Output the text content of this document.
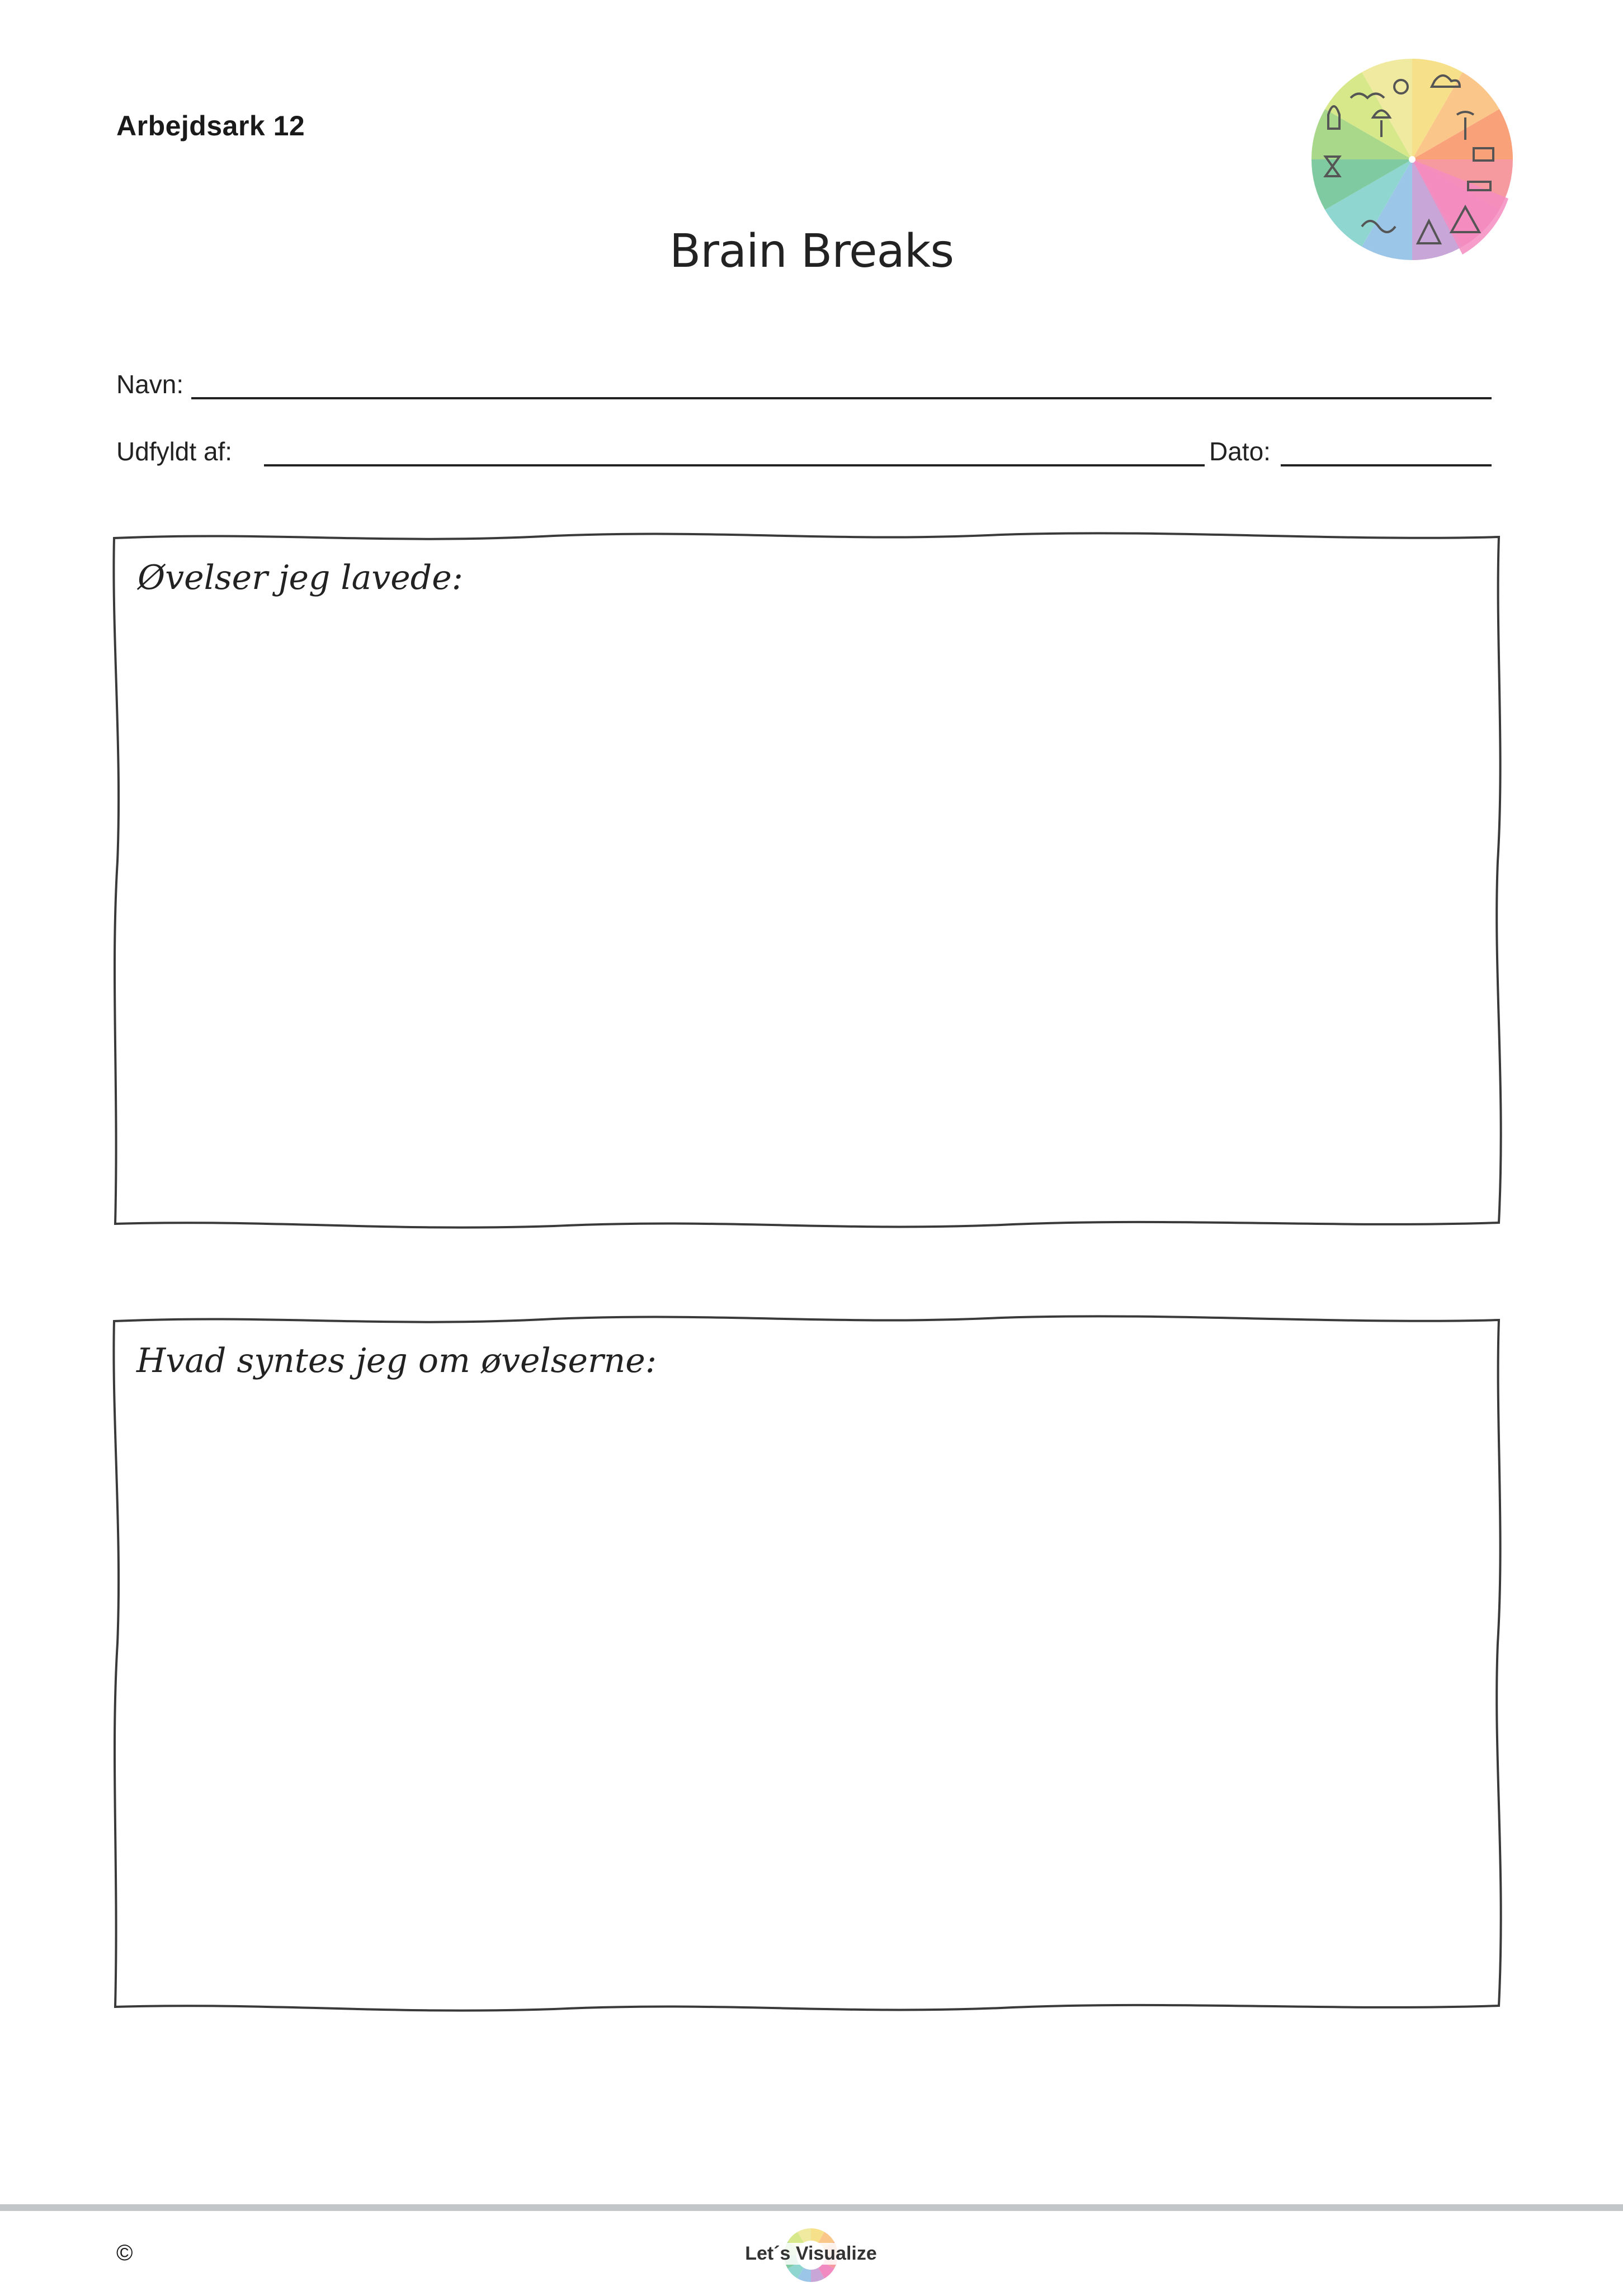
Arbejdsark 12
Brain Breaks
Navn:
Udfyldt af:	Dato:
Øvelser jeg lavede:
Hvad syntes jeg om øvelserne:
©	Let´s Visualize
